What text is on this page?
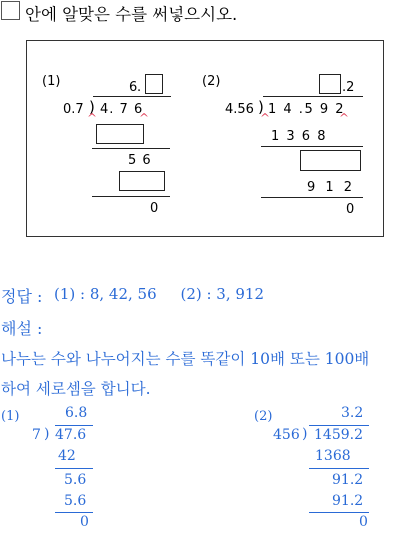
안에 알맞은 수를 써넣으시오.
(1)	6 .
0.7 ) 4. 7 6
^	^
5 6
0
(2)	.2
4.56 ) 1 4 .5 9 2
^	^
1 3 6 8
9 1 2
0
정답 : (1) : 8, 42, 56     (2) : 3, 912
해설 :
나누는 수와 나누어지는 수를 똑같이 10배 또는 100배
하여 세로셈을 합니다.
(1)	6.8
7 ) 47.6
42
5.6
5.6
0
(2)	3.2
456 ) 1459.2
1368
91.2
91.2
0
